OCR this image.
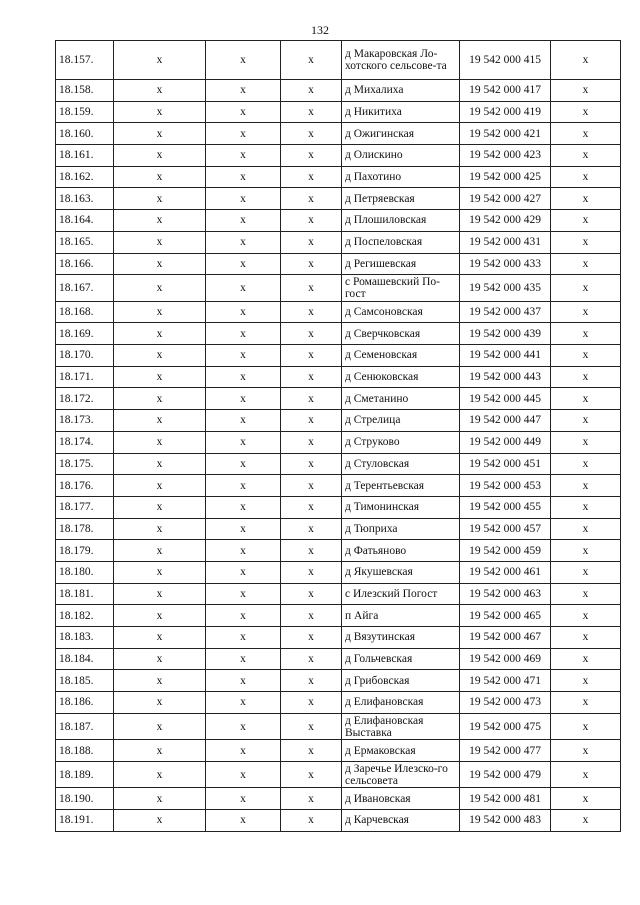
132
18.157.	x	x	x	д Макаровская Ло-хотского сельсове-та	19 542 000 415	x
18.158.	x	x	x	д Михалиха	19 542 000 417	x
18.159.	x	x	x	д Никитиха	19 542 000 419	x
18.160.	x	x	x	д Ожигинская	19 542 000 421	x
18.161.	x	x	x	д Олискино	19 542 000 423	x
18.162.	x	x	x	д Пахотино	19 542 000 425	x
18.163.	x	x	x	д Петряевская	19 542 000 427	x
18.164.	x	x	x	д Плошиловская	19 542 000 429	x
18.165.	x	x	x	д Поспеловская	19 542 000 431	x
18.166.	x	x	x	д Регишевская	19 542 000 433	x
18.167.	x	x	x	с Ромашевский По-гост	19 542 000 435	x
18.168.	x	x	x	д Самсоновская	19 542 000 437	x
18.169.	x	x	x	д Сверчковская	19 542 000 439	x
18.170.	x	x	x	д Семеновская	19 542 000 441	x
18.171.	x	x	x	д Сенюковская	19 542 000 443	x
18.172.	x	x	x	д Сметанино	19 542 000 445	x
18.173.	x	x	x	д Стрелица	19 542 000 447	x
18.174.	x	x	x	д Струково	19 542 000 449	x
18.175.	x	x	x	д Стуловская	19 542 000 451	x
18.176.	x	x	x	д Терентьевская	19 542 000 453	x
18.177.	x	x	x	д Тимонинская	19 542 000 455	x
18.178.	x	x	x	д Тюприха	19 542 000 457	x
18.179.	x	x	x	д Фатьяново	19 542 000 459	x
18.180.	x	x	x	д Якушевская	19 542 000 461	x
18.181.	x	x	x	с Илезский Погост	19 542 000 463	x
18.182.	x	x	x	п Айга	19 542 000 465	x
18.183.	x	x	x	д Вязутинская	19 542 000 467	x
18.184.	x	x	x	д Гольчевская	19 542 000 469	x
18.185.	x	x	x	д Грибовская	19 542 000 471	x
18.186.	x	x	x	д Елифановская	19 542 000 473	x
18.187.	x	x	x	д Елифановская Выставка	19 542 000 475	x
18.188.	x	x	x	д Ермаковская	19 542 000 477	x
18.189.	x	x	x	д Заречье Илезско-го сельсовета	19 542 000 479	x
18.190.	x	x	x	д Ивановская	19 542 000 481	x
18.191.	x	x	x	д Карчевская	19 542 000 483	x
